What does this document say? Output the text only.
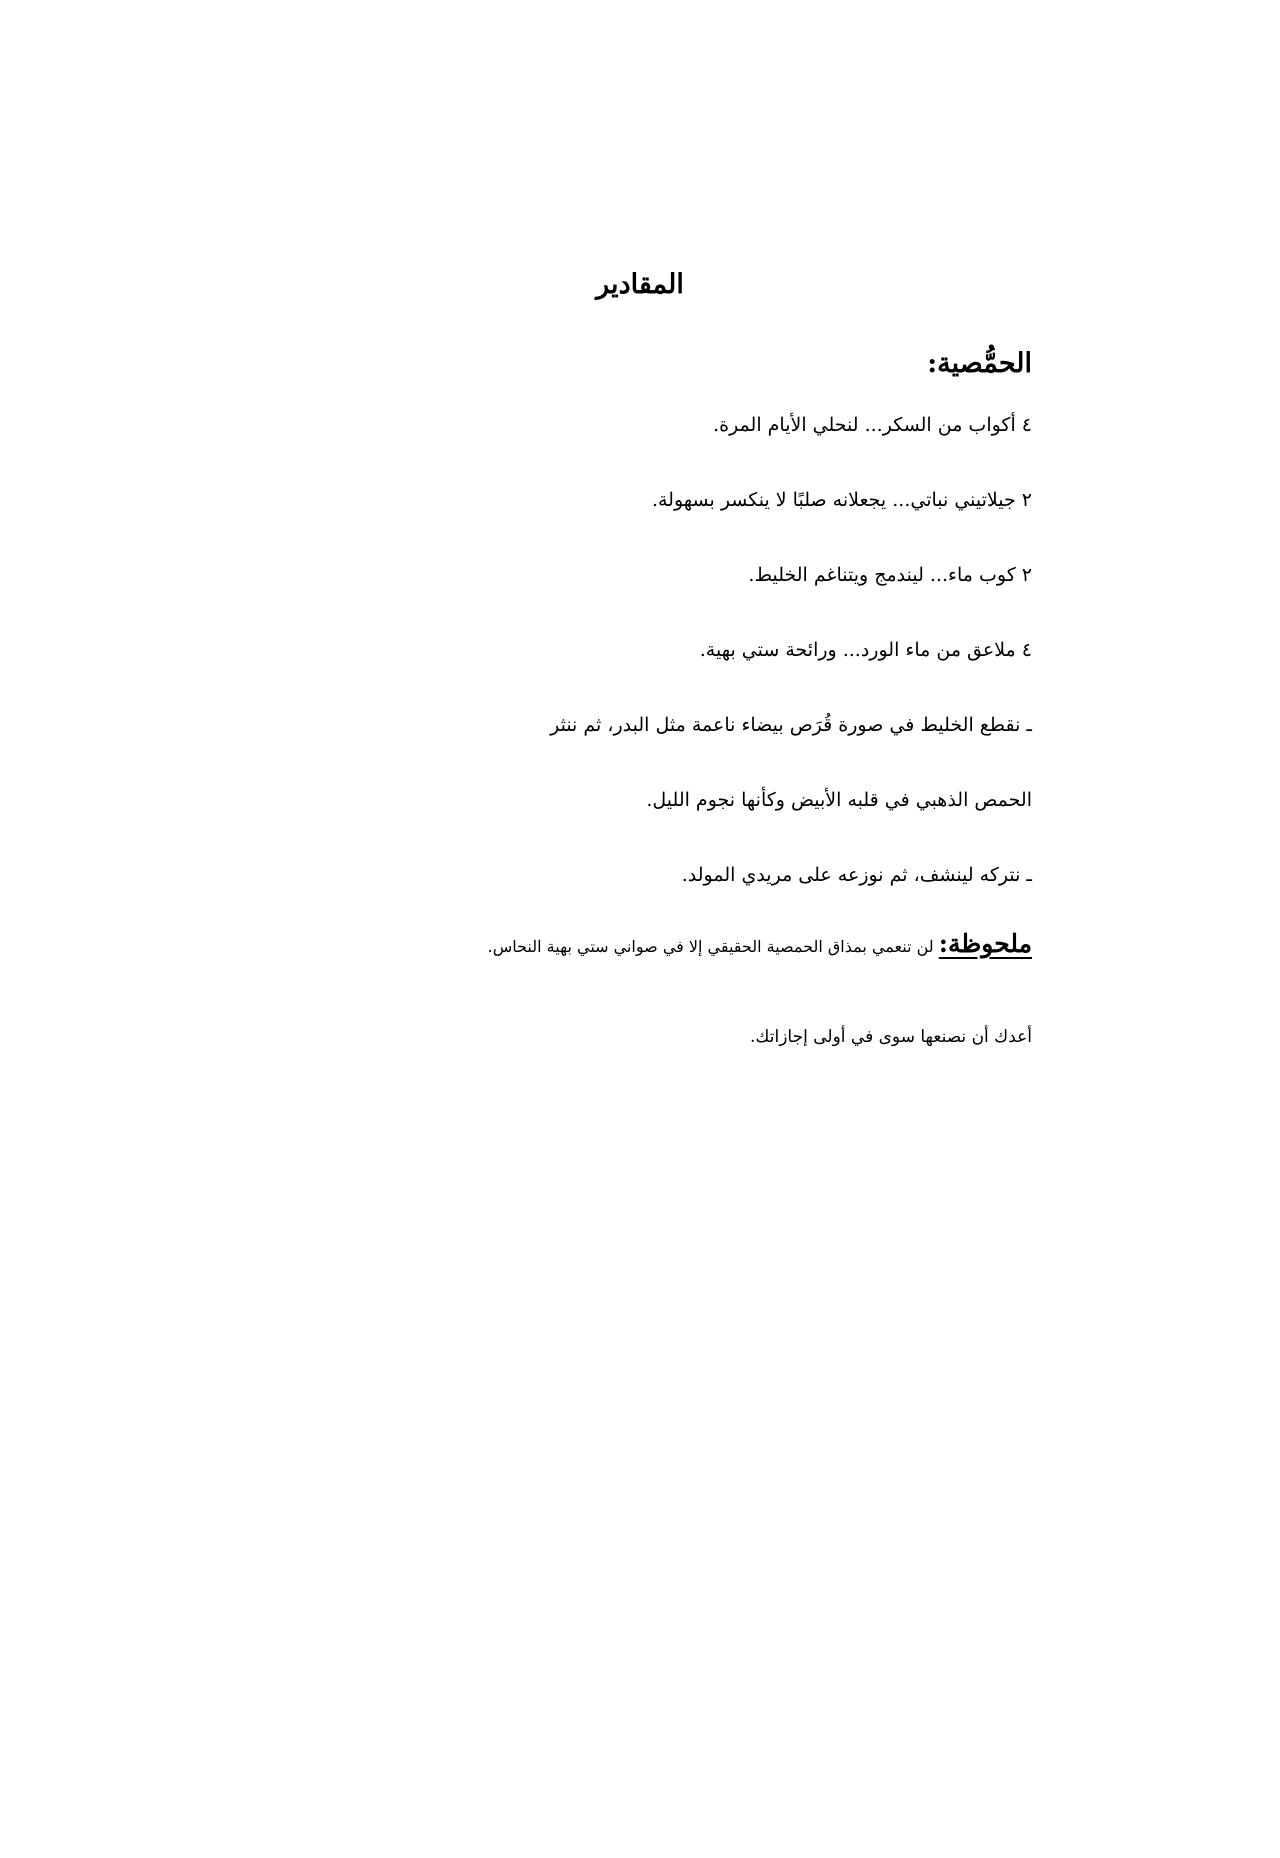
المقادير
الحمُّصية:

٤ أكواب من السكر... لنحلي الأيام المرة.

٢ جيلاتيني نباتي... يجعلانه صلبًا لا ينكسر بسهولة.

٢ كوب ماء... ليندمج ويتناغم الخليط.

٤ ملاعق من ماء الورد... ورائحة ستي بهية.

ـ نقطع الخليط في صورة قُرَص بيضاء ناعمة مثل البدر، ثم ننثر

الحمص الذهبي في قلبه الأبيض وكأنها نجوم الليل.

ـ نتركه لينشف، ثم نوزعه على مريدي المولد.

ملحوظة: لن تنعمي بمذاق الحمصية الحقيقي إلا في صواني ستي بهية النحاس.

أعدك أن نصنعها سوى في أولى إجازاتك.
